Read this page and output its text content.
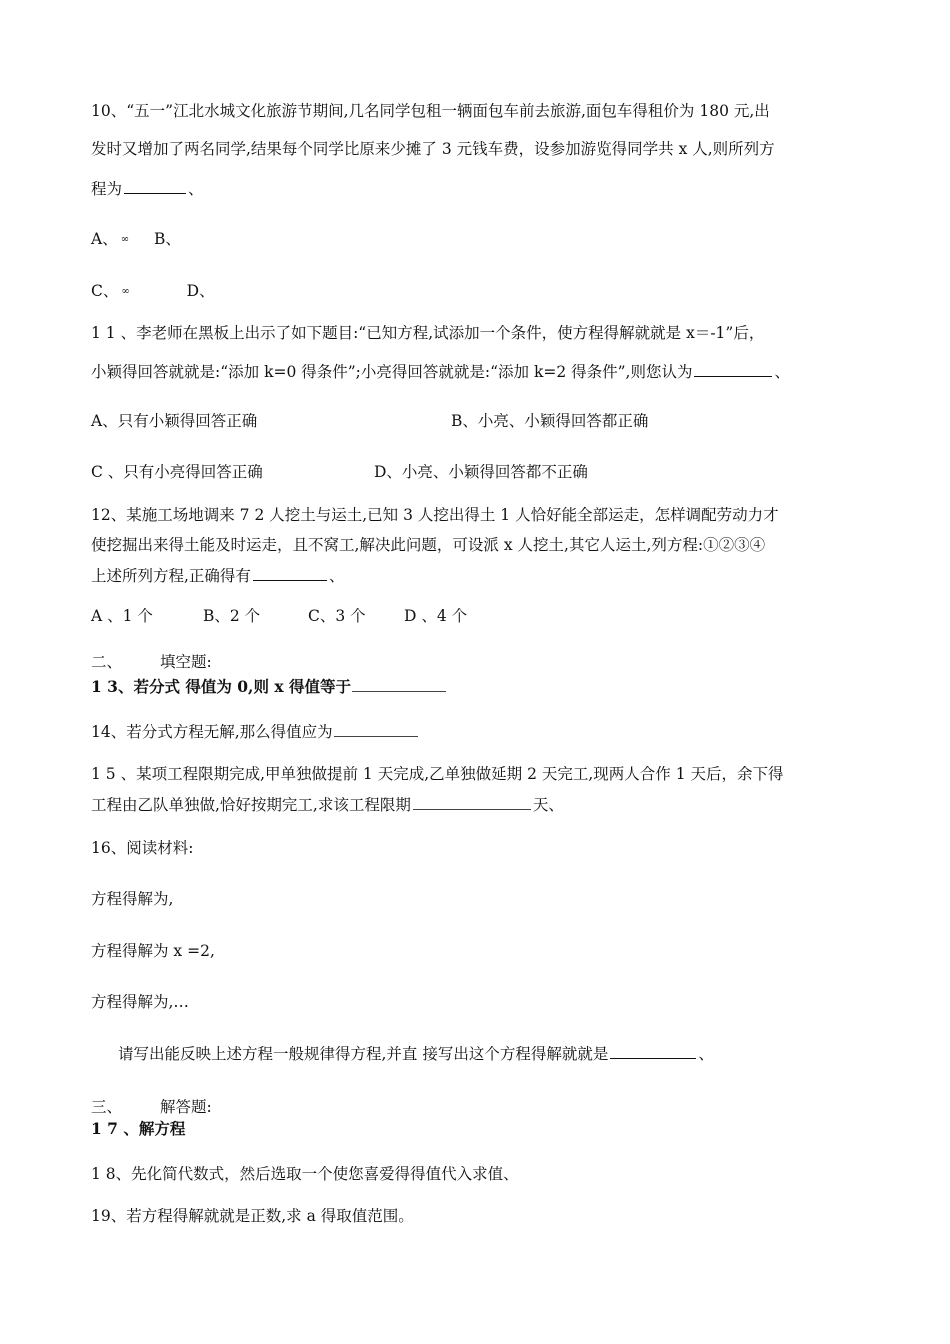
10、“五一”江北水城文化旅游节期间,几名同学包租一辆面包车前去旅游,面包车得租价为 180 元,出
发时又增加了两名同学,结果每个同学比原来少摊了 3 元钱车费，设参加游览得同学共 x 人,则所列方
程为	、
A、 ∞ B、
C、 ∞	D、
1 1 、李老师在黑板上出示了如下题目:“已知方程,试添加一个条件，使方程得解就就是 x＝-1”后，
小颖得回答就就是:“添加 k=0 得条件”;小亮得回答就就是:“添加 k=2 得条件”,则您认为	、
A、只有小颖得回答正确	B、小亮、小颖得回答都正确
C 、只有小亮得回答正确	D、小亮、小颖得回答都不正确
12、某施工场地调来 7 2 人挖土与运土,已知 3 人挖出得土 1 人恰好能全部运走，怎样调配劳动力才
使挖掘出来得土能及时运走，且不窝工,解决此问题，可设派 x 人挖土,其它人运土,列方程:①②③④
上述所列方程,正确得有	、
A 、1 个	B、2 个	C、3 个 D 、4 个
二、 填空题:
1 3、若分式 得值为 0,则 x 得值等于
14、若分式方程无解,那么得值应为
1 5 、某项工程限期完成,甲单独做提前 1 天完成,乙单独做延期 2 天完工,现两人合作 1 天后，余下得
工程由乙队单独做,恰好按期完工,求该工程限期	天、
16、阅读材料:
方程得解为,
方程得解为 x =2,
方程得解为,…
请写出能反映上述方程一般规律得方程,并直 接写出这个方程得解就就是	、
三、 解答题:
1 7 、解方程
1 8、先化简代数式，然后选取一个使您喜爱得得值代入求值、
19、若方程得解就就是正数,求 a 得取值范围。
